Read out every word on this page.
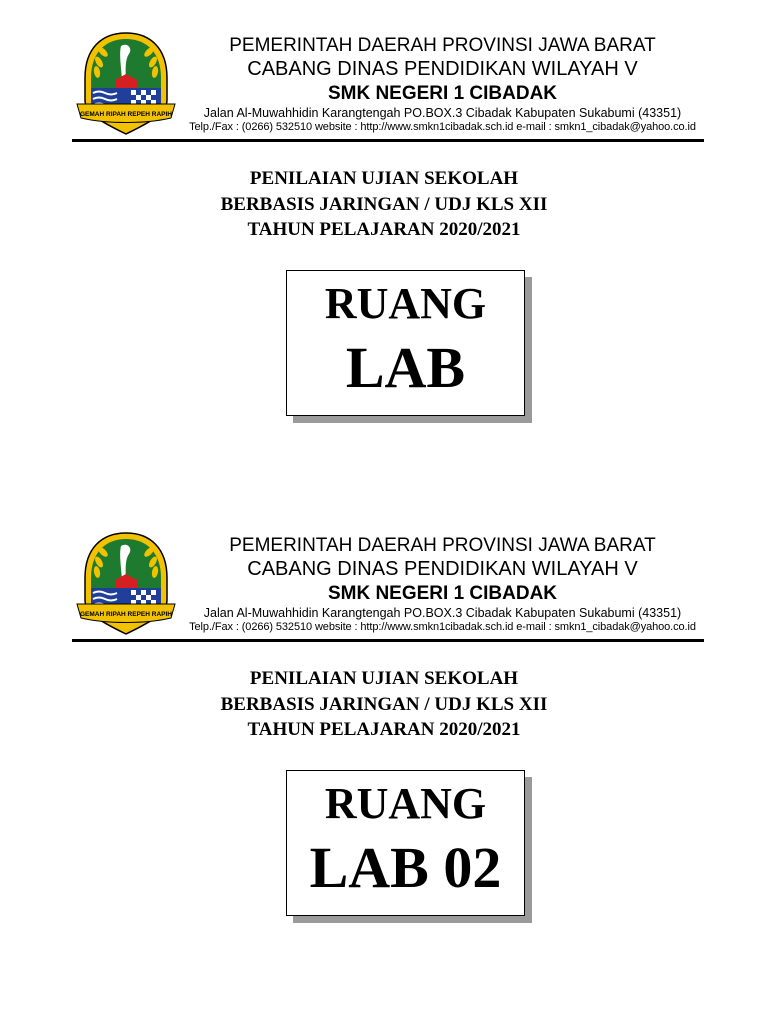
GEMAH RIPAH REPEH RAPIH
PEMERINTAH DAERAH PROVINSI JAWA BARAT
CABANG DINAS PENDIDIKAN WILAYAH V
SMK NEGERI 1 CIBADAK
Jalan Al-Muwahhidin Karangtengah PO.BOX.3 Cibadak Kabupaten Sukabumi (43351)
Telp./Fax : (0266) 532510 website : http://www.smkn1cibadak.sch.id e-mail : smkn1_cibadak@yahoo.co.id
PENILAIAN UJIAN SEKOLAH
BERBASIS JARINGAN / UDJ KLS XII
TAHUN PELAJARAN 2020/2021
RUANG
LAB
GEMAH RIPAH REPEH RAPIH
PEMERINTAH DAERAH PROVINSI JAWA BARAT
CABANG DINAS PENDIDIKAN WILAYAH V
SMK NEGERI 1 CIBADAK
Jalan Al-Muwahhidin Karangtengah PO.BOX.3 Cibadak Kabupaten Sukabumi (43351)
Telp./Fax : (0266) 532510 website : http://www.smkn1cibadak.sch.id e-mail : smkn1_cibadak@yahoo.co.id
PENILAIAN UJIAN SEKOLAH
BERBASIS JARINGAN / UDJ KLS XII
TAHUN PELAJARAN 2020/2021
RUANG
LAB 02
